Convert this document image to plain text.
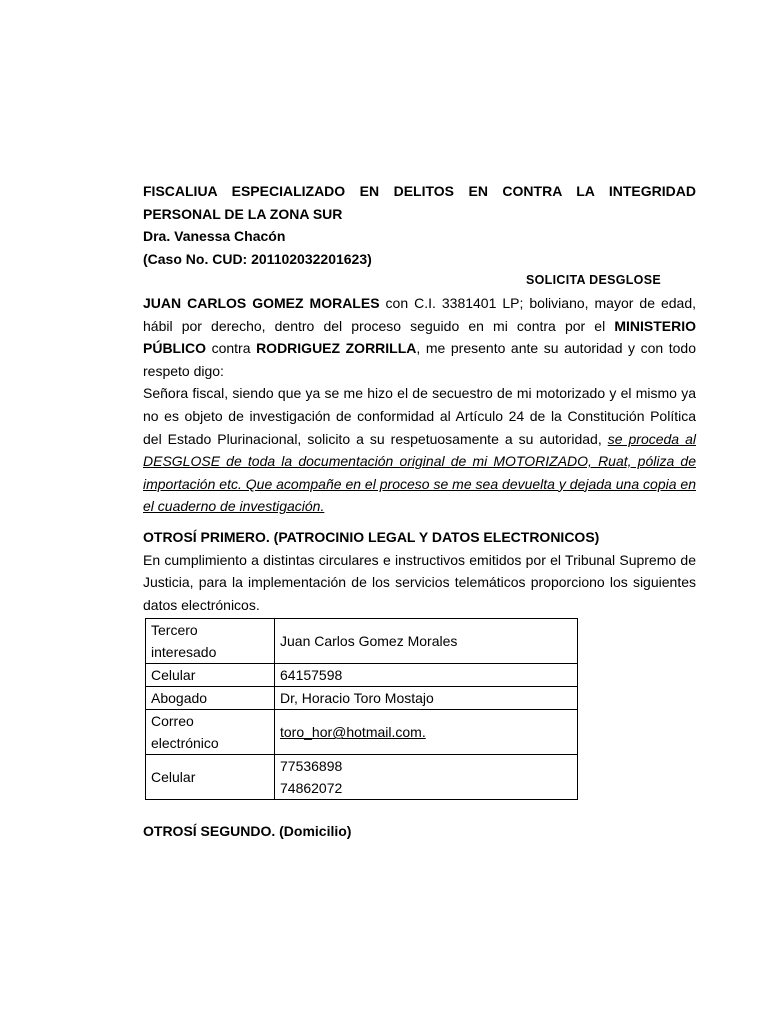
FISCALIUA ESPECIALIZADO EN DELITOS EN CONTRA LA INTEGRIDAD
PERSONAL DE LA ZONA SUR
Dra. Vanessa Chacón
(Caso No. CUD: 201102032201623)
SOLICITA DESGLOSE
JUAN CARLOS GOMEZ MORALES con C.I. 3381401 LP; boliviano, mayor de edad, hábil por derecho, dentro del proceso seguido en mi contra por el MINISTERIO PÚBLICO contra RODRIGUEZ ZORRILLA, me presento ante su autoridad y con todo respeto digo:
Señora fiscal, siendo que ya se me hizo el de secuestro de mi motorizado y el mismo ya no es objeto de investigación de conformidad al Artículo 24 de la Constitución Política del Estado Plurinacional, solicito a su respetuosamente a su autoridad, se proceda al DESGLOSE de toda la documentación original de mi MOTORIZADO, Ruat, póliza de importación etc. Que acompañe en el proceso se me sea devuelta y dejada una copia en el cuaderno de investigación.
OTROSÍ PRIMERO. (PATROCINIO LEGAL Y DATOS ELECTRONICOS)
En cumplimiento a distintas circulares e instructivos emitidos por el Tribunal Supremo de Justicia, para la implementación de los servicios telemáticos proporciono los siguientes datos electrónicos.
Tercero
interesado	Juan Carlos Gomez Morales
Celular	64157598
Abogado	Dr, Horacio Toro Mostajo

Correo
electrónico	toro_hor@hotmail.com.
Celular	77536898
74862072
OTROSÍ SEGUNDO. (Domicilio)
